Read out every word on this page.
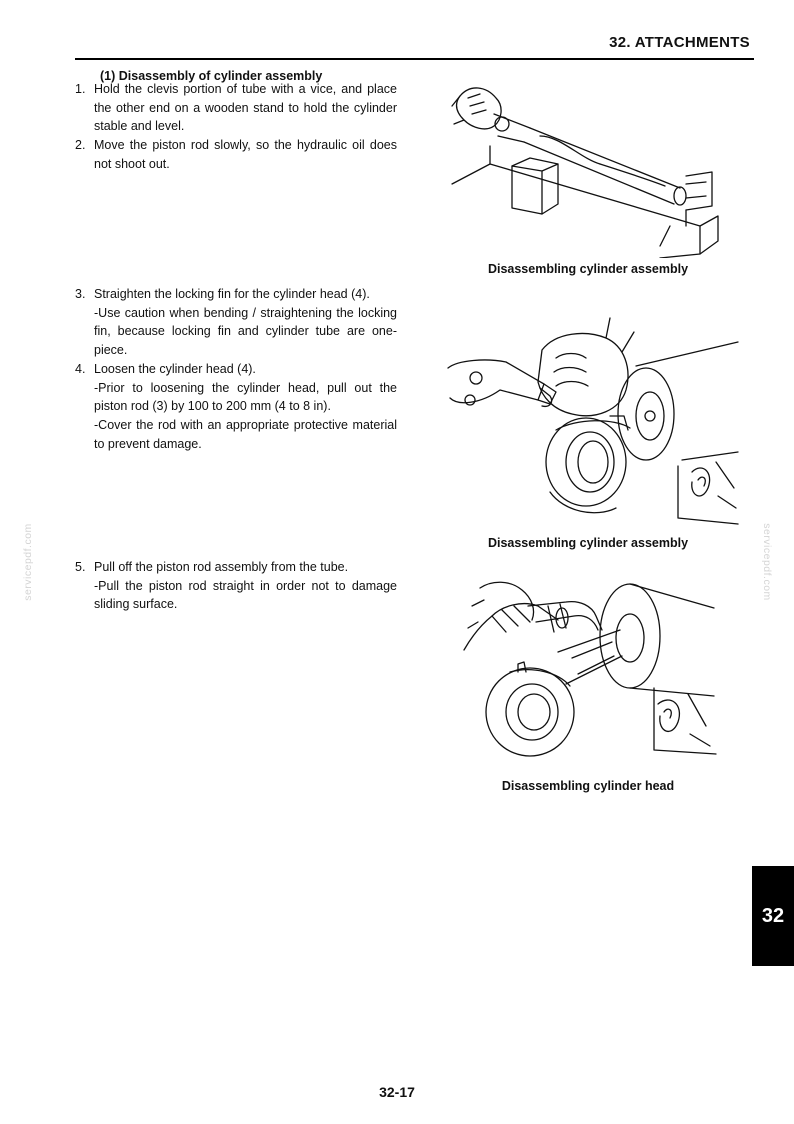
32. ATTACHMENTS
(1) Disassembly of cylinder assembly
1. Hold the clevis portion of tube with a vice, and place the other end on a wooden stand to hold the cylinder stable and level.
2. Move the piston rod slowly, so the hydraulic oil does not shoot out.
3. Straighten the locking fin for the cylinder head (4).
-Use caution when bending / straightening the locking fin, because locking fin and cylinder tube are one-piece.
4. Loosen the cylinder head (4).
-Prior to loosening the cylinder head, pull out the piston rod (3) by 100 to 200 mm (4 to 8 in).
-Cover the rod with an appropriate protective material to prevent damage.
5. Pull off the piston rod assembly from the tube.
-Pull the piston rod straight in order not to damage sliding surface.
Disassembling cylinder assembly
Disassembling cylinder assembly
Disassembling cylinder head
servicepdf.com	servicepdf.com
32
32-17
